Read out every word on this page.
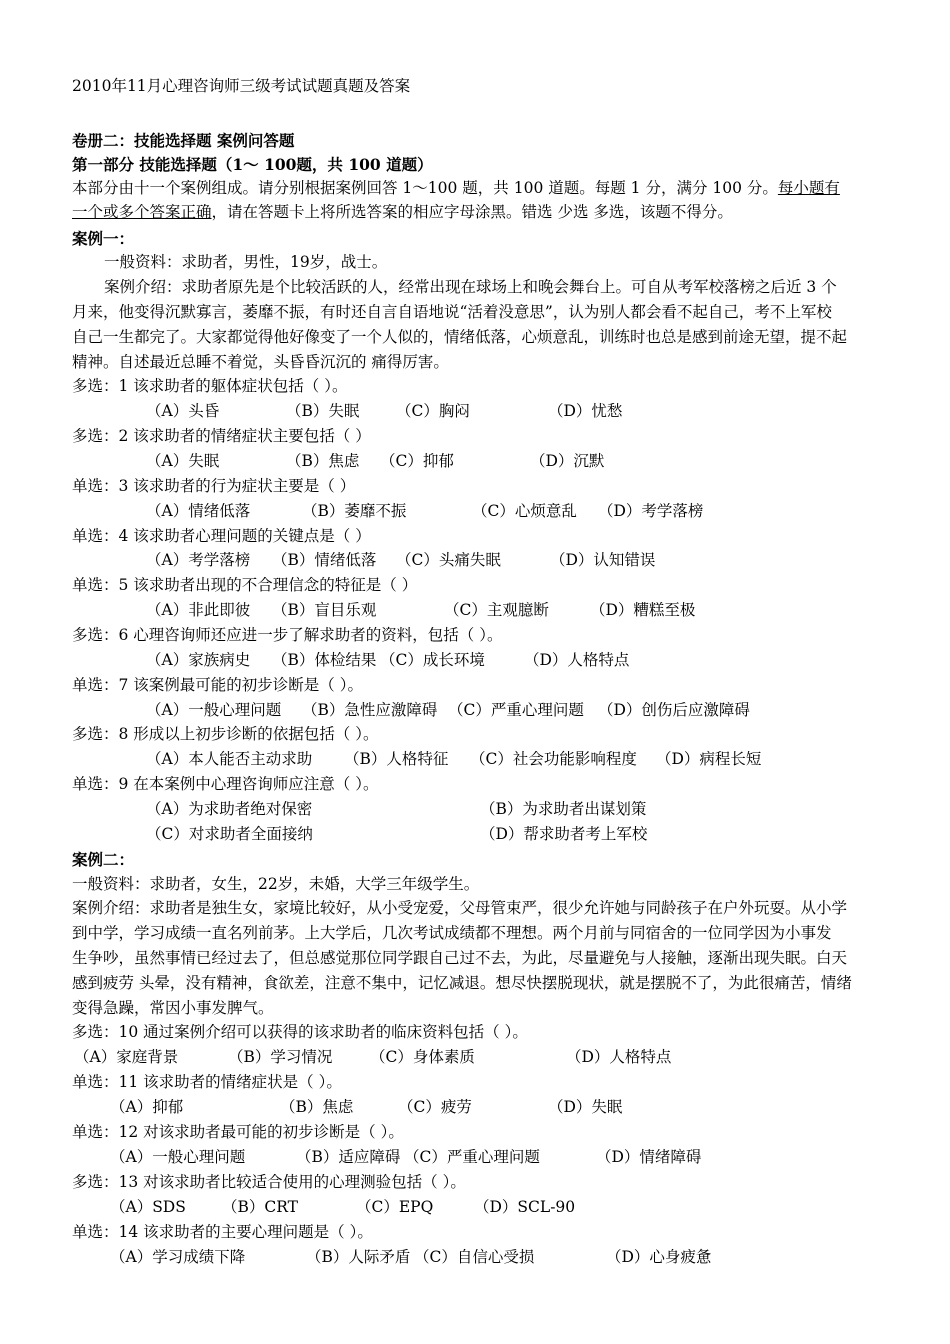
2010年11月心理咨询师三级考试试题真题及答案
卷册二：技能选择题 案例问答题
第一部分 技能选择题（1～ 100题，共 100 道题）
本部分由十一个案例组成。请分别根据案例回答 1～100 题，共 100 道题。每题 1 分，满分 100 分。每小题有
一个或多个答案正确，请在答题卡上将所选答案的相应字母涂黑。错选 少选 多选，该题不得分。
案例一：
一般资料：求助者，男性，19岁，战士。
案例介绍：求助者原先是个比较活跃的人，经常出现在球场上和晚会舞台上。可自从考军校落榜之后近 3 个
月来，他变得沉默寡言，萎靡不振，有时还自言自语地说“活着没意思”，认为别人都会看不起自己，考不上军校
自己一生都完了。大家都觉得他好像变了一个人似的，情绪低落，心烦意乱，训练时也总是感到前途无望，提不起
精神。自述最近总睡不着觉，头昏昏沉沉的 痛得厉害。
多选：1 该求助者的躯体症状包括（ ）。
（A）头昏	（B）失眠 （C）胸闷	（D）忧愁
多选：2 该求助者的情绪症状主要包括（ ）
（A）失眠	（B）焦虑 （C）抑郁	（D）沉默
单选：3 该求助者的行为症状主要是（ ）
（A）情绪低落	（B）萎靡不振	（C）心烦意乱 （D）考学落榜
单选：4 该求助者心理问题的关键点是（ ）
（A）考学落榜 （B）情绪低落 （C）头痛失眠	（D）认知错误
单选：5 该求助者出现的不合理信念的特征是（ ）
（A）非此即彼 （B）盲目乐观	（C）主观臆断	（D）糟糕至极
多选：6 心理咨询师还应进一步了解求助者的资料，包括（ ）。
（A）家族病史 （B）体检结果 （C）成长环境	（D）人格特点
单选：7 该案例最可能的初步诊断是（ ）。
（A）一般心理问题 （B）急性应激障碍 （C）严重心理问题 （D）创伤后应激障碍
多选：8 形成以上初步诊断的依据包括（ ）。
（A）本人能否主动求助 （B）人格特征 （C）社会功能影响程度 （D）病程长短
单选：9 在本案例中心理咨询师应注意（ ）。
（A）为求助者绝对保密	（B）为求助者出谋划策
（C）对求助者全面接纳	（D）帮求助者考上军校
案例二：
一般资料：求助者，女生，22岁，未婚，大学三年级学生。
案例介绍：求助者是独生女，家境比较好，从小受宠爱，父母管束严，很少允许她与同龄孩子在户外玩耍。从小学
到中学，学习成绩一直名列前茅。上大学后，几次考试成绩都不理想。两个月前与同宿舍的一位同学因为小事发
生争吵，虽然事情已经过去了，但总感觉那位同学跟自己过不去，为此，尽量避免与人接触，逐渐出现失眠。白天
感到疲劳 头晕，没有精神，食欲差，注意不集中，记忆减退。想尽快摆脱现状，就是摆脱不了，为此很痛苦，情绪
变得急躁，常因小事发脾气。
多选：10 通过案例介绍可以获得的该求助者的临床资料包括（ ）。
（A）家庭背景	（B）学习情况 （C）身体素质	（D）人格特点
单选：11 该求助者的情绪症状是（ ）。
（A）抑郁	（B）焦虑	（C）疲劳	（D）失眠
单选：12 对该求助者最可能的初步诊断是（ ）。
（A）一般心理问题	（B）适应障碍 （C）严重心理问题	（D）情绪障碍
多选：13 对该求助者比较适合使用的心理测验包括（ ）。
（A）SDS （B）CRT	（C）EPQ	（D）SCL-90
单选：14 该求助者的主要心理问题是（ ）。
（A）学习成绩下降	（B）人际矛盾 （C）自信心受损	（D）心身疲惫
